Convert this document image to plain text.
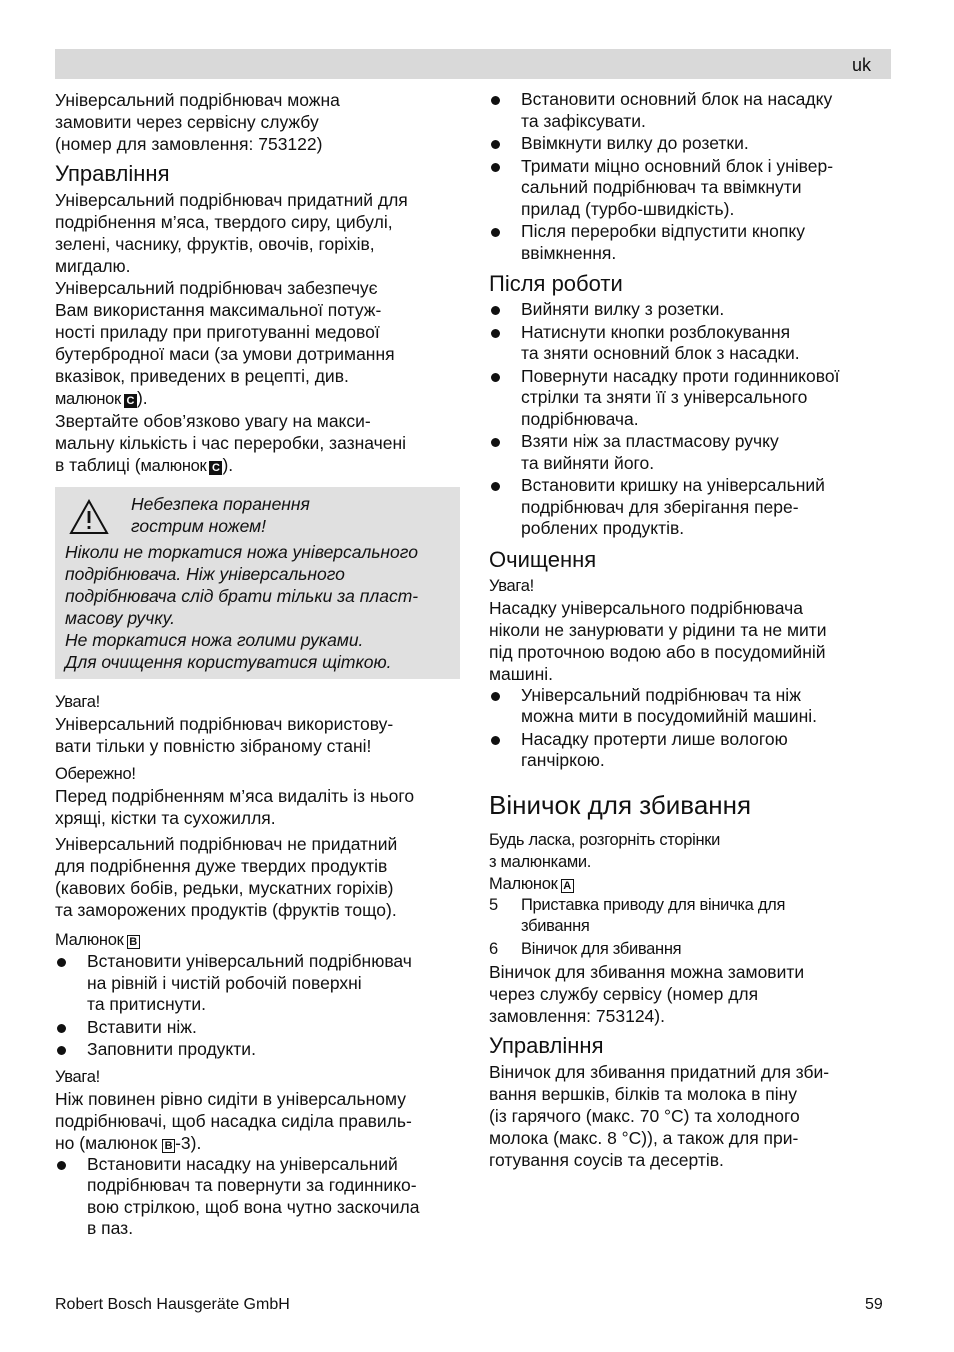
uk

Універсальний подрібнювач можна
замовити через сервісну службу
(номер для замовлення: 753122)

Управління

Універсальний подрібнювач придатний для
подрібнення м’яса, твердого сиру, цибулі,
зелені, часнику, фруктів, овочів, горіхів,
мигдалю.

Універсальний подрібнювач забезпечує
Вам використання максимальної потуж-
ності приладу при приготуванні медової
бутербродної маси (за умови дотримання
вказівок, приведених в рецепті, див.
малюнок C ).

Звертайте обов’язково увагу на макси-
мальну кількість і час переробки, зазначені
в таблиці (малюнок C ).

Небезпека поранення
гострим ножем!
Ніколи не торкатися ножа універсального
подрібнювача. Ніж універсального
подрібнювача слід брати тільки за пласт-
масову ручку.
Не торкатися ножа голими руками.
Для очищення користуватися щіткою.
Увага!

Універсальний подрібнювач використову-
вати тільки у повністю зібраному стані!

Обережно!

Перед подрібненням м’яса видаліть із нього
хрящі, кістки та сухожилля.

Універсальний подрібнювач не придатний
для подрібнення дуже твердих продуктів
(кавових бобів, редьки, мускатних горіхів)
та заморожених продуктів (фруктів тощо).

Малюнок B
Встановити універсальний подрібнювач
на рівній і чистій робочій поверхні
та притиснути.
Вставити ніж.
Заповнити продукти.
Увага!

Ніж повинен рівно сидіти в універсальному
подрібнювачі, щоб насадка сиділа правиль-
но (малюнок B -3).

Встановити насадку на універсальний
подрібнювач та повернути за годиннико-
вою стрілкою, щоб вона чутно заскочила
в паз.
Встановити основний блок на насадку
та зафіксувати.
Ввімкнути вилку до розетки.
Тримати міцно основний блок і універ-
сальний подрібнювач та ввімкнути
прилад (турбо-швидкість).
Після переробки відпустити кнопку
ввімкнення.
Після роботи
Вийняти вилку з розетки.
Натиснути кнопки розблокування
та зняти основний блок з насадки.
Повернути насадку проти годинникової
стрілки та зняти її з універсального
подрібнювача.
Взяти ніж за пластмасову ручку
та вийняти його.
Встановити кришку на універсальний
подрібнювач для зберігання пере-
роблених продуктів.
Очищення
Увага!

Насадку універсального подрібнювача
ніколи не занурювати у рідини та не мити
під проточною водою або в посудомийній
машині.

Універсальний подрібнювач та ніж
можна мити в посудомийній машині.
Насадку протерти лише вологою
ганчіркою.
Віничок для збивання
Будь ласка, розгорніть сторінки
з малюнками.
Малюнок A
5 Приставка приводу для віничка для
збивання
6 Віничок для збивання

Віничок для збивання можна замовити
через службу сервісу (номер для
замовлення: 753124).

Управління

Віничок для збивання придатний для зби-
вання вершків, білків та молока в піну
(із гарячого (макс. 70 °C) та холодного
молока (макс. 8 °C)), а також для при-
готування соусів та десертів.

Robert Bosch Hausgeräte GmbH	59
